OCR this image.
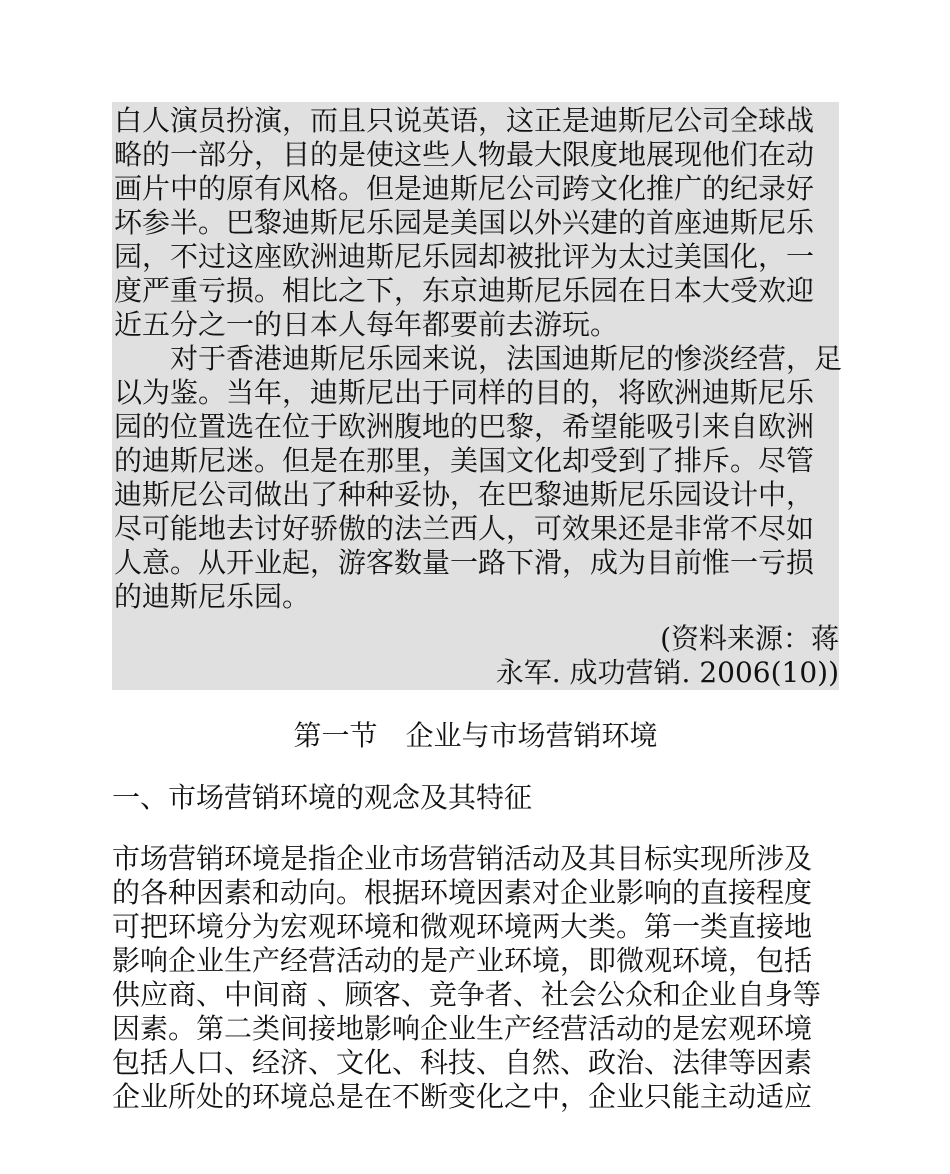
白人演员扮演，而且只说英语，这正是迪斯尼公司全球战
略的一部分，目的是使这些人物最大限度地展现他们在动
画片中的原有风格。但是迪斯尼公司跨文化推广的纪录好
坏参半。巴黎迪斯尼乐园是美国以外兴建的首座迪斯尼乐
园，不过这座欧洲迪斯尼乐园却被批评为太过美国化，一
度严重亏损。相比之下，东京迪斯尼乐园在日本大受欢迎
近五分之一的日本人每年都要前去游玩。

对于香港迪斯尼乐园来说，法国迪斯尼的惨淡经营，足
以为鉴。当年，迪斯尼出于同样的目的，将欧洲迪斯尼乐
园的位置选在位于欧洲腹地的巴黎，希望能吸引来自欧洲
的迪斯尼迷。但是在那里，美国文化却受到了排斥。尽管
迪斯尼公司做出了种种妥协，在巴黎迪斯尼乐园设计中，
尽可能地去讨好骄傲的法兰西人，可效果还是非常不尽如
人意。从开业起，游客数量一路下滑，成为目前惟一亏损
的迪斯尼乐园。

(资料来源：蒋
永军. 成功营销. 2006(10))

第一节　企业与市场营销环境
一、市场营销环境的观念及其特征
市场营销环境是指企业市场营销活动及其目标实现所涉及
的各种因素和动向。根据环境因素对企业影响的直接程度
可把环境分为宏观环境和微观环境两大类。第一类直接地
影响企业生产经营活动的是产业环境，即微观环境，包括
供应商、中间商 、顾客、竞争者、社会公众和企业自身等
因素。第二类间接地影响企业生产经营活动的是宏观环境
包括人口、经济、文化、科技、自然、政治、法律等因素
企业所处的环境总是在不断变化之中，企业只能主动适应
